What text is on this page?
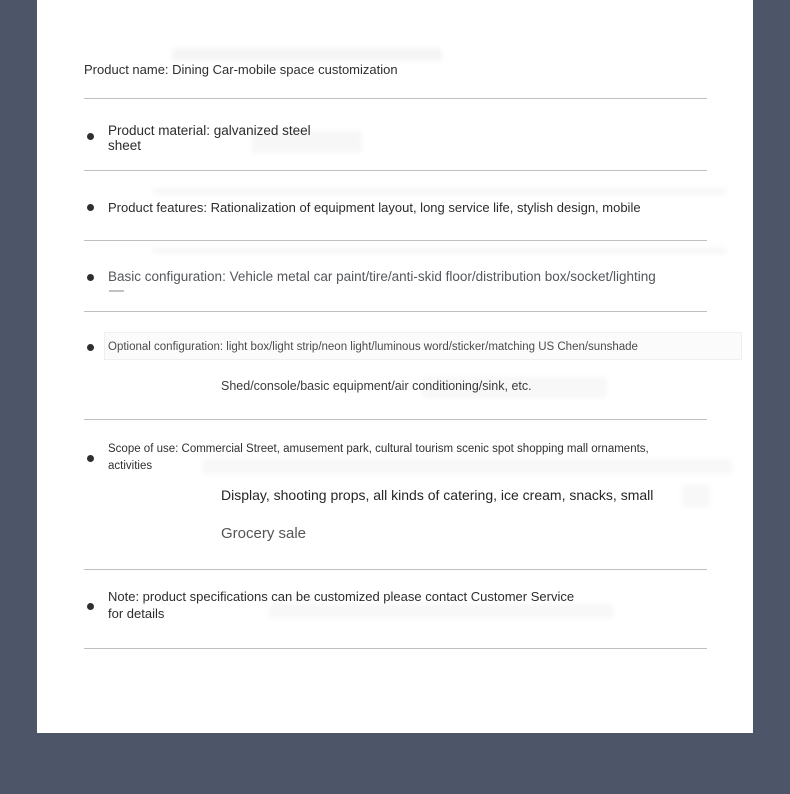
Product name: Dining Car-mobile space customization
Product material: galvanized steel sheet
Product features: Rationalization of equipment layout, long service life, stylish design, mobile
Basic configuration: Vehicle metal car paint/tire/anti-skid floor/distribution box/socket/lighting
Optional configuration: light box/light strip/neon light/luminous word/sticker/matching US Chen/sunshade
Shed/console/basic equipment/air conditioning/sink, etc.
Scope of use: Commercial Street, amusement park, cultural tourism scenic spot shopping mall ornaments, activities
Display, shooting props, all kinds of catering, ice cream, snacks, small
Grocery sale
Note: product specifications can be customized please contact Customer Service for details
